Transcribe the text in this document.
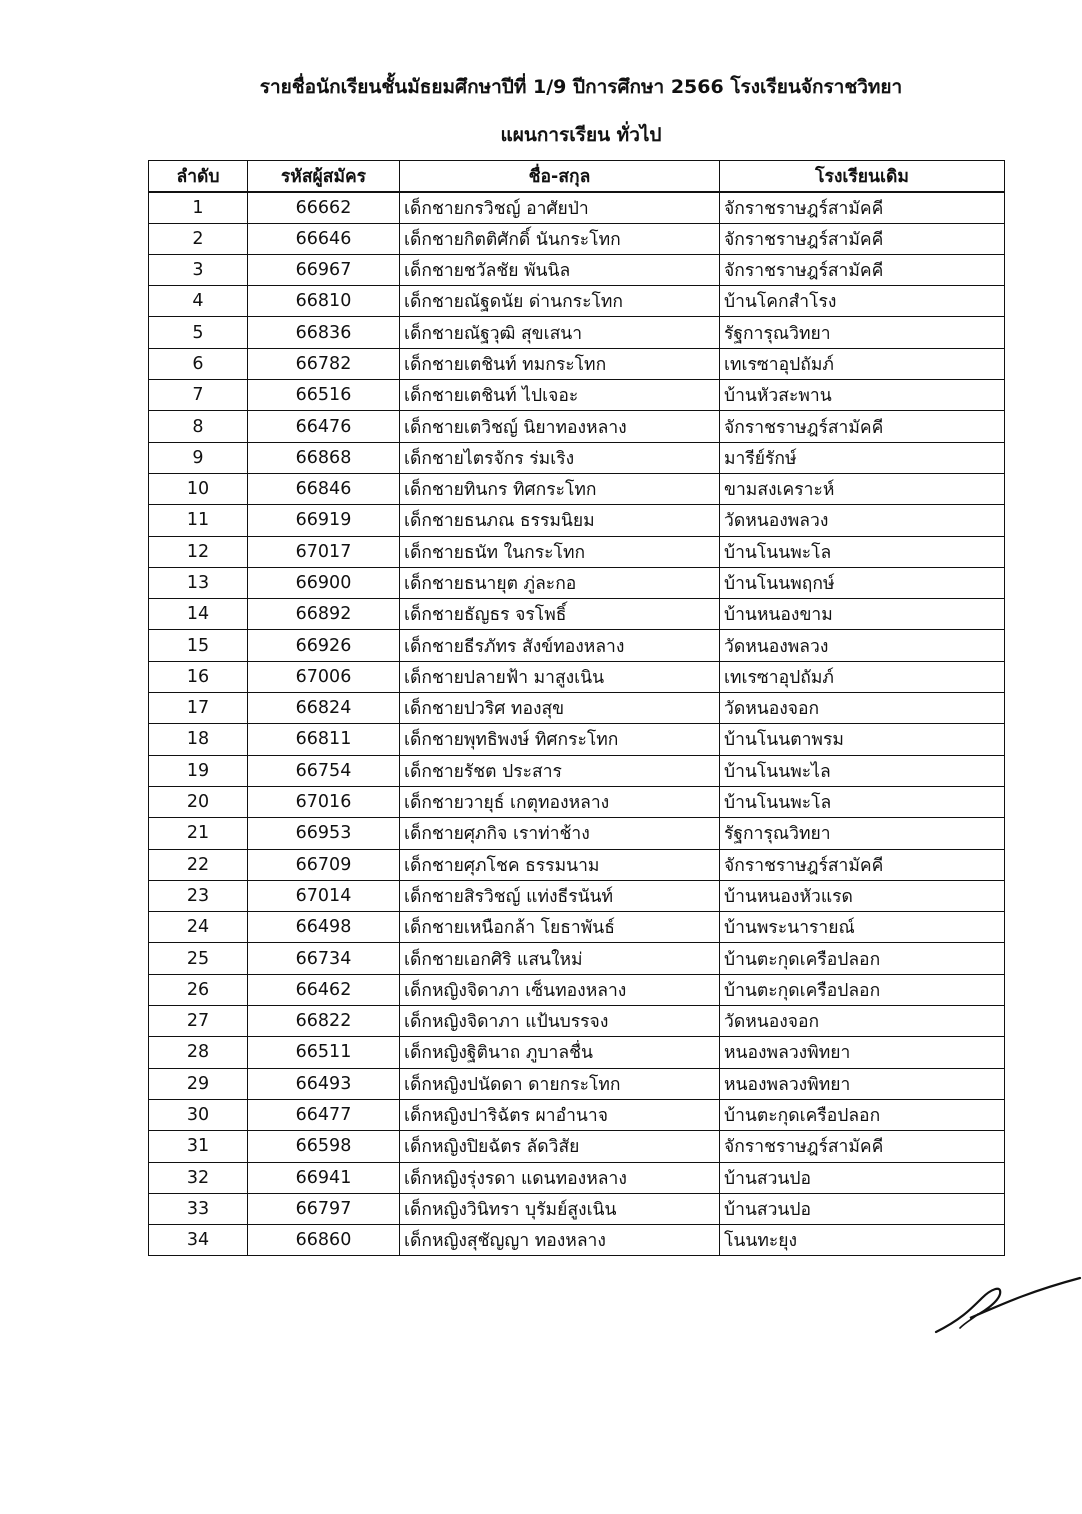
รายชื่อนักเรียนชั้นมัธยมศึกษาปีที่ 1/9 ปีการศึกษา 2566 โรงเรียนจักราชวิทยา
แผนการเรียน ทั่วไป
ลำดับ	รหัสผู้สมัคร	ชื่อ-สกุล	โรงเรียนเดิม
1	66662	เด็กชายกรวิชญ์ อาศัยป่า	จักราชราษฎร์สามัคคี
2	66646	เด็กชายกิตติศักดิ์ นันกระโทก	จักราชราษฎร์สามัคคี
3	66967	เด็กชายชวัลชัย พันนิล	จักราชราษฎร์สามัคคี
4	66810	เด็กชายณัฐดนัย ด่านกระโทก	บ้านโคกสำโรง
5	66836	เด็กชายณัฐวุฒิ สุขเสนา	รัฐการุณวิทยา
6	66782	เด็กชายเตชินท์ ทมกระโทก	เทเรซาอุปถัมภ์
7	66516	เด็กชายเตชินท์ ไปเจอะ	บ้านหัวสะพาน
8	66476	เด็กชายเตวิชญ์ นิยาทองหลาง	จักราชราษฎร์สามัคคี
9	66868	เด็กชายไตรจักร ร่มเริง	มารีย์รักษ์
10	66846	เด็กชายทินกร ทิศกระโทก	ขามสงเคราะห์
11	66919	เด็กชายธนภณ ธรรมนิยม	วัดหนองพลวง
12	67017	เด็กชายธนัท ในกระโทก	บ้านโนนพะโล
13	66900	เด็กชายธนายุต ภู่ละกอ	บ้านโนนพฤกษ์
14	66892	เด็กชายธัญธร จรโพธิ์	บ้านหนองขาม
15	66926	เด็กชายธีรภัทร สังข์ทองหลาง	วัดหนองพลวง
16	67006	เด็กชายปลายฟ้า มาสูงเนิน	เทเรซาอุปถัมภ์
17	66824	เด็กชายปวริศ ทองสุข	วัดหนองจอก
18	66811	เด็กชายพุทธิพงษ์ ทิศกระโทก	บ้านโนนตาพรม
19	66754	เด็กชายรัชต ประสาร	บ้านโนนพะไล
20	67016	เด็กชายวายุธ์ เกตุทองหลาง	บ้านโนนพะโล
21	66953	เด็กชายศุภกิจ เราท่าช้าง	รัฐการุณวิทยา
22	66709	เด็กชายศุภโชค ธรรมนาม	จักราชราษฎร์สามัคคี
23	67014	เด็กชายสิรวิชญ์ แท่งธีรนันท์	บ้านหนองหัวแรด
24	66498	เด็กชายเหนือกล้า โยธาพันธ์	บ้านพระนารายณ์
25	66734	เด็กชายเอกศิริ แสนใหม่	บ้านตะกุดเครือปลอก
26	66462	เด็กหญิงจิดาภา เซ็นทองหลาง	บ้านตะกุดเครือปลอก
27	66822	เด็กหญิงจิดาภา แป้นบรรจง	วัดหนองจอก
28	66511	เด็กหญิงฐิตินาถ ภูบาลชื่น	หนองพลวงพิทยา
29	66493	เด็กหญิงปนัดดา ดายกระโทก	หนองพลวงพิทยา
30	66477	เด็กหญิงปาริฉัตร ผาอำนาจ	บ้านตะกุดเครือปลอก
31	66598	เด็กหญิงปิยฉัตร ลัดวิสัย	จักราชราษฎร์สามัคคี
32	66941	เด็กหญิงรุ่งรดา แดนทองหลาง	บ้านสวนปอ
33	66797	เด็กหญิงวินิทรา บุรัมย์สูงเนิน	บ้านสวนปอ
34	66860	เด็กหญิงสุชัญญา ทองหลาง	โนนทะยุง
